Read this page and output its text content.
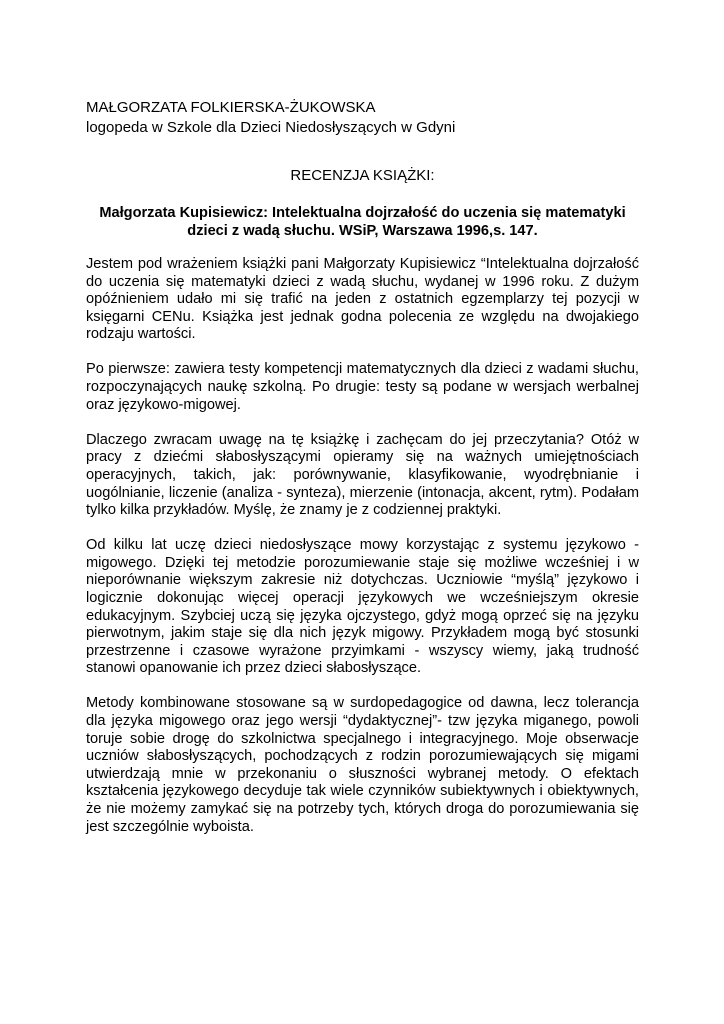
MAŁGORZATA FOLKIERSKA-ŻUKOWSKA

logopeda w Szkole dla Dzieci Niedosłyszących w Gdyni

RECENZJA KSIĄŻKI:

Małgorzata Kupisiewicz: Intelektualna dojrzałość do uczenia się matematyki
dzieci z wadą słuchu. WSiP, Warszawa 1996,s. 147.

Jestem pod wrażeniem książki pani Małgorzaty Kupisiewicz “Intelektualna dojrzałość do uczenia się matematyki dzieci z wadą słuchu, wydanej w 1996 roku. Z dużym opóźnieniem udało mi się trafić na jeden z ostatnich egzemplarzy tej pozycji w księgarni CENu. Książka jest jednak godna polecenia ze względu na dwojakiego rodzaju wartości.

Po pierwsze: zawiera testy kompetencji matematycznych dla dzieci z wadami słuchu, rozpoczynających naukę szkolną. Po drugie: testy są podane w wersjach werbalnej oraz językowo-migowej.

Dlaczego zwracam uwagę na tę książkę i zachęcam do jej przeczytania? Otóż w pracy z dziećmi słabosłyszącymi opieramy się na ważnych umiejętnościach operacyjnych, takich, jak: porównywanie, klasyfikowanie, wyodrębnianie i uogólnianie, liczenie (analiza - synteza), mierzenie (intonacja, akcent, rytm). Podałam tylko kilka przykładów. Myślę, że znamy je z codziennej praktyki.

Od kilku lat uczę dzieci niedosłyszące mowy korzystając z systemu językowo - migowego. Dzięki tej metodzie porozumiewanie staje się możliwe wcześniej i w nieporównanie większym zakresie niż dotychczas. Uczniowie “myślą” językowo i logicznie dokonując więcej operacji językowych we wcześniejszym okresie edukacyjnym. Szybciej uczą się języka ojczystego, gdyż mogą oprzeć się na języku pierwotnym, jakim staje się dla nich język migowy. Przykładem mogą być stosunki przestrzenne i czasowe wyrażone przyimkami - wszyscy wiemy, jaką trudność stanowi opanowanie ich przez dzieci słabosłyszące.

Metody kombinowane stosowane są w surdopedagogice od dawna, lecz tolerancja dla języka migowego oraz jego wersji “dydaktycznej”- tzw języka miganego, powoli toruje sobie drogę do szkolnictwa specjalnego i integracyjnego. Moje obserwacje uczniów słabosłyszących, pochodzących z rodzin porozumiewających się migami utwierdzają mnie w przekonaniu o słuszności wybranej metody. O efektach kształcenia językowego decyduje tak wiele czynników subiektywnych i obiektywnych, że nie możemy zamykać się na potrzeby tych, których droga do porozumiewania się jest szczególnie wyboista.
